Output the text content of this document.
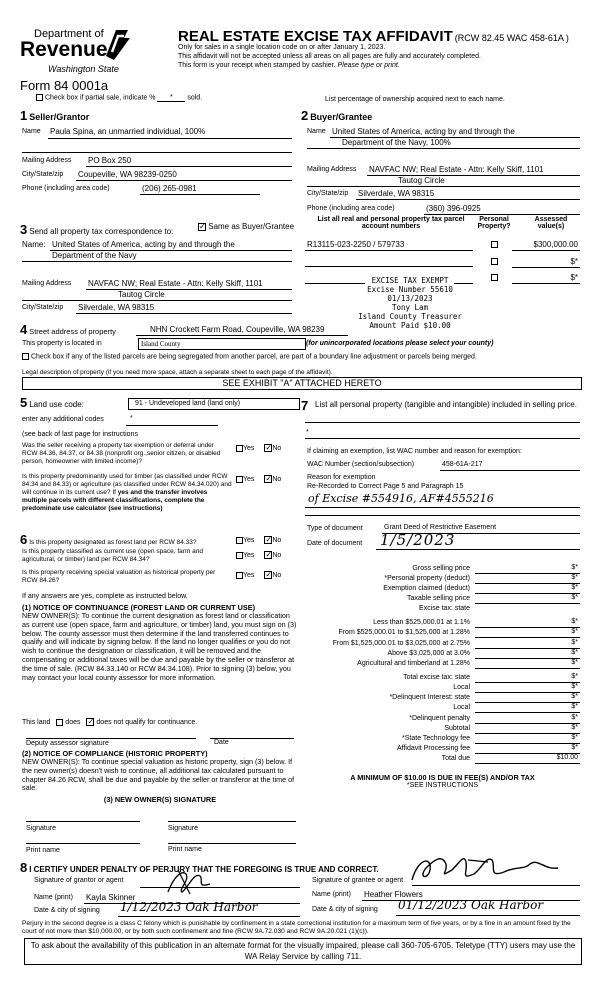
Department of
Revenue
Washington State
Form 84 0001a
REAL ESTATE EXCISE TAX AFFIDAVIT (RCW 82.45 WAC 458-61A )
Only for sales in a single location code on or after January 1, 2023.
This affidavit will not be accepted unless all areas on all pages are fully and accurately completed.
This form is your receipt when stamped by cashier. Please type or print.
Check box if partial sale, indicate % * sold.	List percentage of ownership acquired next to each name.
1 Seller/Grantor
Name Paula Spina, an unmarried individual, 100%
Mailing Address PO Box 250
City/State/zip Coupeville, WA 98239-0250
Phone (including area code)	(206) 265-0981
2 Buyer/Grantee
Name United States of America, acting by and through the
Department of the Navy, 100%
Mailing Address NAVFAC NW; Real Estate - Attn: Kelly Skiff, 1101
Tautog Circle
City/State/zip Silverdale, WA 98315
Phone (including area code)	(360) 396-0925
List all real and personal property tax parcel account numbers
Personal Property?
Assessed value(s)
R13115-023-2250 / 579733	$300,000.00
$*
$*
EXCISE TAX EXEMPT
Excise Number 55610
01/13/2023
Tony Lam
Island County Treasurer
Amount Paid $10.00
3 Send all property tax correspondence to:
✓ Same as Buyer/Grantee
Name: United States of America, acting by and through the
Department of the Navy
Mailing Address NAVFAC NW; Real Estate - Attn: Kelly Skiff, 1101
Tautog Circle
City/State/zip Silverdale, WA 98315
4 Street address of property	NHN Crockett Farm Road, Coupeville, WA 98239
This property is located in	Island County	(for unincorporated locations please select your county)
Check box if any of the listed parcels are being segregated from another parcel, are part of a boundary line adjustment or parcels being merged.
Legal description of property (if you need more space, attach a separate sheet to each page of the affidavit).
SEE EXHIBIT "A" ATTACHED HERETO
5 Land use code:	91 - Undeveloped land (land only)
enter any additional codes	*
(see back of last page for instructions
Was the seller receiving a property tax exemption or deferral under RCW 84.36, 84.37, or 84.38 (nonprofit org.,senior citizen, or disabled person, homeowner with limited income)?
Yes ✓No
Is this property predominantly used for timber (as classified under RCW 84.34 and 84.33) or agriculture (as classified under RCW 84.34.020) and will continue in its current use? If yes and the transfer involves multiple parcels with different classifications, complete the predominate use calculator (see instructions)
Yes ✓No
6 Is this property designated as forest land per RCW 84.33?	Yes ✓No
Is this property classified as current use (open space, farm and agricultural, or timber) land per RCW 84.34?
Yes ✓No
Is this property receiving special valuation as historical property per RCW 84.26?
Yes ✓No
If any answers are yes, complete as instructed below.
(1) NOTICE OF CONTINUANCE (FOREST LAND OR CURRENT USE)
NEW OWNER(S): To continue the current designation as forest land or classification as current use (open space, farm and agriculture, or timber) land, you must sign on (3) below. The county assessor must then determine if the land transferred continues to qualify and will indicate by signing below. If the land no longer qualifies or you do not wish to continue the designation or classification, it will be removed and the compensating or additional taxes will be due and payable by the seller or transferor at the time of sale. (RCW 84.33.140 or RCW 84.34.108). Prior to signing (3) below, you may contact your local county assessor for more information.
This land does ✓ does not qualify for continuance.
Deputy assessor signature	Date
(2) NOTICE OF COMPLIANCE (HISTORIC PROPERTY)
NEW OWNER(S): To continue special valuation as historic property, sign (3) below. If the new owner(s) doesn't wish to continue, all additional tax calculated pursuant to chapter 84.26 RCW, shall be due and payable by the seller or transferor at the time of sale.
(3) NEW OWNER(S) SIGNATURE
Signature	Signature
Print name	Print name
7 List all personal property (tangible and intangible) included in selling price.
*
If claiming an exemption, list WAC number and reason for exemption:
WAC Number (section/subsection)	458-61A-217
Reason for exemption
Re-Recorded to Correct Page 5 and Paragraph 15
of Excise #554916, AF#4555216
Type of document	Grant Deed of Restrictive Easement
Date of document 1/5/2023
Gross selling price	$*
*Personal property (deduct)	$*
Exemption claimed (deduct)	$*
Taxable selling price	$*
Excise tax: state
Less than $525,000.01 at 1.1%	$*
From $525,000.01 to $1,525,000 at 1.28%	$*
From $1,525,000.01 to $3,025,000 at 2.75%	$*
Above $3,025,000 at 3.0%	$*
Agricultural and timberland at 1.28%	$*
Total excise tax: state	$*
Local	$*
*Delinquent Interest: state	$*
Local	$*
*Delinquent penalty	$*
Subtotal	$*
*State Technology fee	$*
Affidavit Processing fee	$*
Total due	$10.00
A MINIMUM OF $10.00 IS DUE IN FEE(S) AND/OR TAX
*SEE INSTRUCTIONS
8 I CERTIFY UNDER PENALTY OF PERJURY THAT THE FOREGOING IS TRUE AND CORRECT.
Signature of grantor or agent
Name (print) Kayla Skinner
Date & city of signing 1/12/2023 Oak Harbor
Signature of grantee or agent
Name (print) Heather Flowers
Date & city of signing 01/12/2023 Oak Harbor
Perjury in the second degree is a class C felony which is punishable by confinement in a state correctional institution for a maximum term of five years, or by a fine in an amount fixed by the court of not more than $10,000.00, or by both such confinement and fine (RCW 9A.72.030 and RCW 9A.20.021 (1)(c)).
To ask about the availability of this publication in an alternate format for the visually impaired, please call 360-705-6705. Teletype (TTY) users may use the WA Relay Service by calling 711.
